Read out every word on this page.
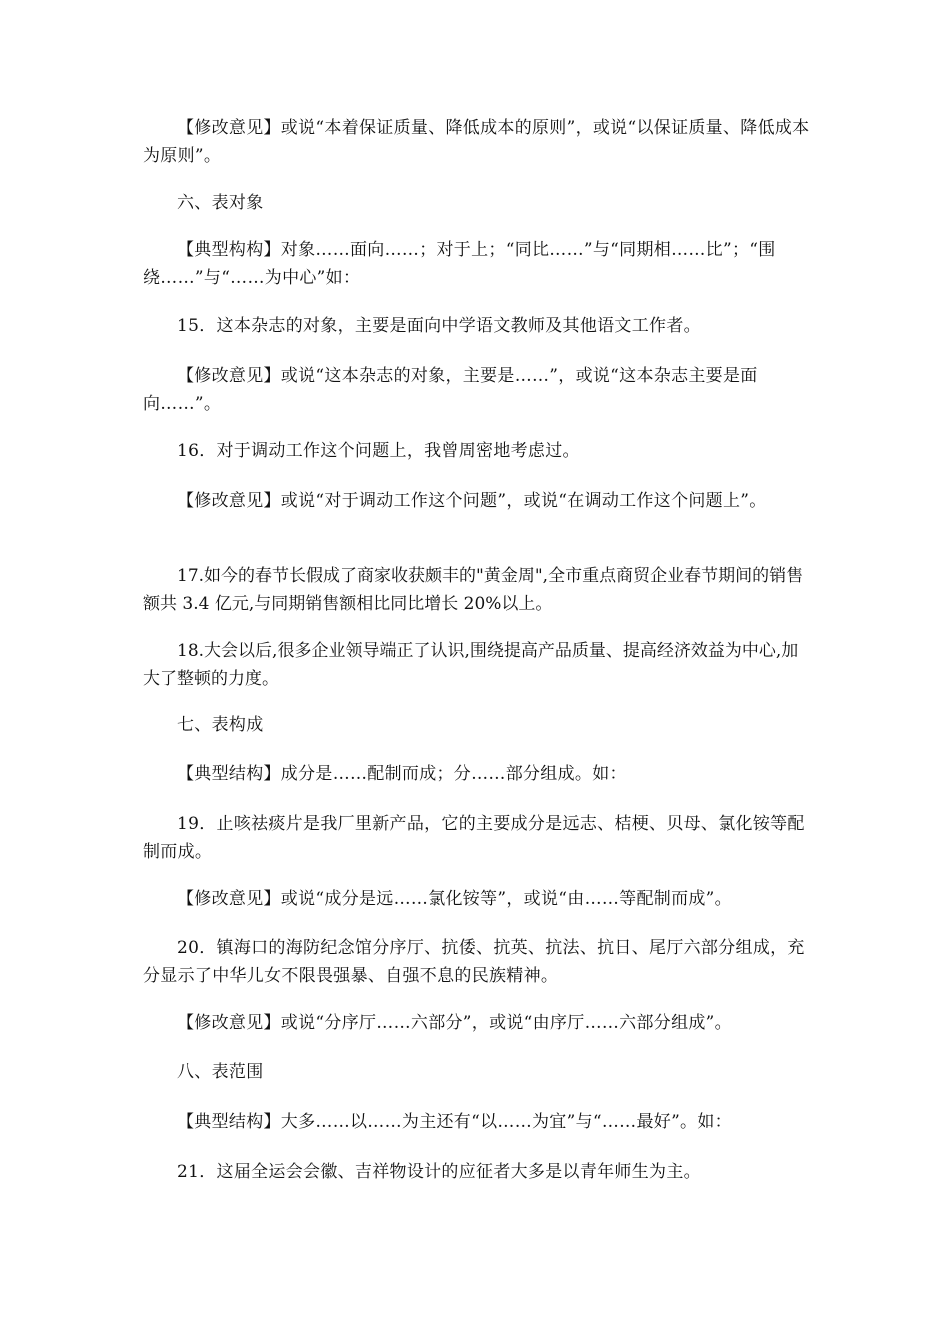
【修改意见】或说“本着保证质量、降低成本的原则”，或说“以保证质量、降低成本为原则”。

六、表对象

【典型构构】对象……面向……；对于上；“同比……”与“同期相……比”；“围绕……”与“……为中心”如：

15．这本杂志的对象，主要是面向中学语文教师及其他语文工作者。

【修改意见】或说“这本杂志的对象，主要是……”，或说“这本杂志主要是面向……”。

16．对于调动工作这个问题上，我曾周密地考虑过。

【修改意见】或说“对于调动工作这个问题”，或说“在调动工作这个问题上”。

17.如今的春节长假成了商家收获颇丰的"黄金周",全市重点商贸企业春节期间的销售额共 3.4 亿元,与同期销售额相比同比增长 20%以上。

18.大会以后,很多企业领导端正了认识,围绕提高产品质量、提高经济效益为中心,加大了整顿的力度。

七、表构成

【典型结构】成分是……配制而成；分……部分组成。如：

19．止咳祛痰片是我厂里新产品，它的主要成分是远志、桔梗、贝母、氯化铵等配制而成。

【修改意见】或说“成分是远……氯化铵等”，或说“由……等配制而成”。

20．镇海口的海防纪念馆分序厅、抗倭、抗英、抗法、抗日、尾厅六部分组成，充分显示了中华儿女不限畏强暴、自强不息的民族精神。

【修改意见】或说“分序厅……六部分”，或说“由序厅……六部分组成”。

八、表范围

【典型结构】大多……以……为主还有“以……为宜”与“……最好”。如：

21．这届全运会会徽、吉祥物设计的应征者大多是以青年师生为主。
